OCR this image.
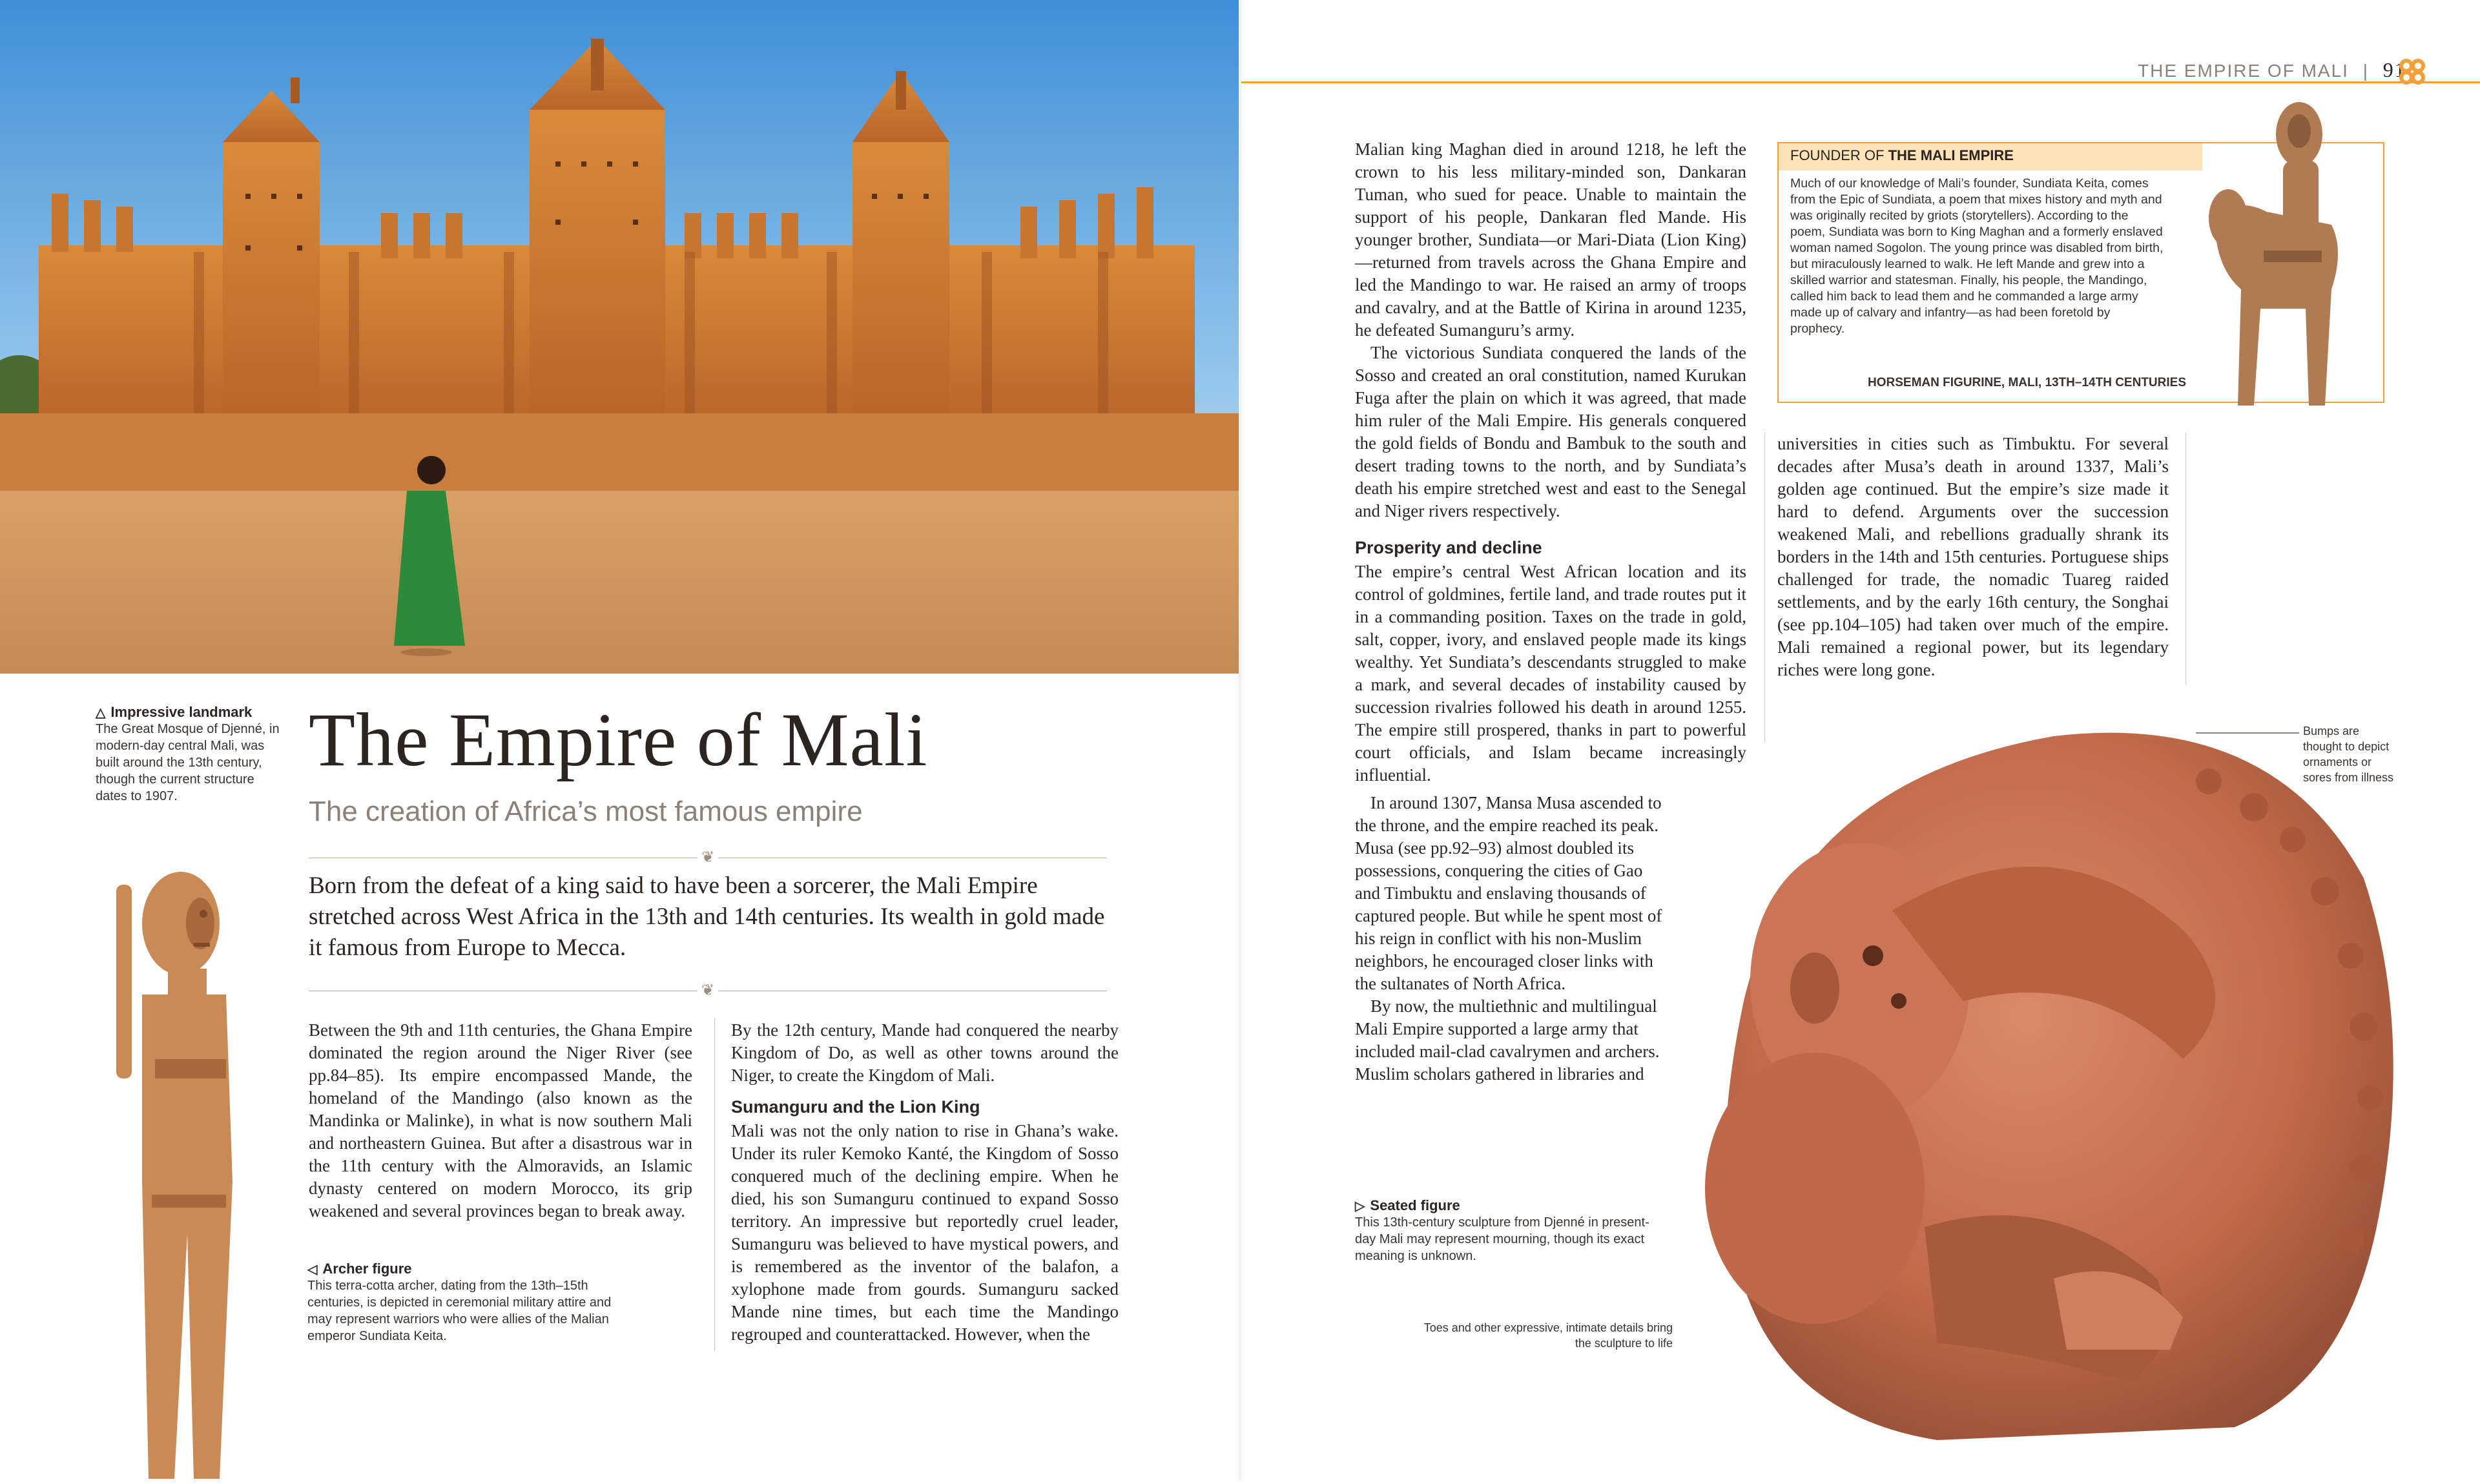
△ Impressive landmark
The Great Mosque of Djenné, in modern-day central Mali, was built around the 13th century, though the current structure dates to 1907.
The Empire of Mali
The creation of Africa’s most famous empire
❦
Born from the defeat of a king said to have been a sorcerer, the Mali Empire stretched across West Africa in the 13th and 14th centuries. Its wealth in gold made it famous from Europe to Mecca.
❦
◁ Archer figure
This terra-cotta archer, dating from the 13th–15th centuries, is depicted in ceremonial military attire and may represent warriors who were allies of the Malian emperor Sundiata Keita.

Between the 9th and 11th centuries, the Ghana Empire dominated the region around the Niger River (see pp.84–85). Its empire encompassed Mande, the homeland of the Mandingo (also known as the Mandinka or Malinke), in what is now southern Mali and northeastern Guinea. But after a disastrous war in the 11th century with the Almoravids, an Islamic dynasty centered on modern Morocco, its grip weakened and several provinces began to break away.

By the 12th century, Mande had conquered the nearby Kingdom of Do, as well as other towns around the Niger, to create the Kingdom of Mali.

Sumanguru and the Lion King

Mali was not the only nation to rise in Ghana’s wake. Under its ruler Kemoko Kanté, the Kingdom of Sosso conquered much of the declining empire. When he died, his son Sumanguru continued to expand Sosso territory. An impressive but reportedly cruel leader, Sumanguru was believed to have mystical powers, and is remembered as the inventor of the balafon, a xylophone made from gourds. Sumanguru sacked Mande nine times, but each time the Mandingo regrouped and counterattacked. However, when the

THE EMPIRE OF MALI | 91

Malian king Maghan died in around 1218, he left the crown to his less military-minded son, Dankaran Tuman, who sued for peace. Unable to maintain the support of his people, Dankaran fled Mande. His younger brother, Sundiata—or Mari-Diata (Lion King)—returned from travels across the Ghana Empire and led the Mandingo to war. He raised an army of troops and cavalry, and at the Battle of Kirina in around 1235, he defeated Sumanguru’s army.

The victorious Sundiata conquered the lands of the Sosso and created an oral constitution, named Kurukan Fuga after the plain on which it was agreed, that made him ruler of the Mali Empire. His generals conquered the gold fields of Bondu and Bambuk to the south and desert trading towns to the north, and by Sundiata’s death his empire stretched west and east to the Senegal and Niger rivers respectively.

Prosperity and decline

The empire’s central West African location and its control of goldmines, fertile land, and trade routes put it in a commanding position. Taxes on the trade in gold, salt, copper, ivory, and enslaved people made its kings wealthy. Yet Sundiata’s descendants struggled to make a mark, and several decades of instability caused by succession rivalries followed his death in around 1255. The empire still prospered, thanks in part to powerful court officials, and Islam became increasingly influential.

In around 1307, Mansa Musa ascended to the throne, and the empire reached its peak. Musa (see pp.92–93) almost doubled its possessions, conquering the cities of Gao and Timbuktu and enslaving thousands of captured people. But while he spent most of his reign in conflict with his non-Muslim neighbors, he encouraged closer links with the sultanates of North Africa.

By now, the multiethnic and multilingual Mali Empire supported a large army that included mail-clad cavalrymen and archers. Muslim scholars gathered in libraries and

universities in cities such as Timbuktu. For several decades after Musa’s death in around 1337, Mali’s golden age continued. But the empire’s size made it hard to defend. Arguments over the succession weakened Mali, and rebellions gradually shrank its borders in the 14th and 15th centuries. Portuguese ships challenged for trade, the nomadic Tuareg raided settlements, and by the early 16th century, the Songhai (see pp.104–105) had taken over much of the empire. Mali remained a regional power, but its legendary riches were long gone.

FOUNDER OF THE MALI EMPIRE
Much of our knowledge of Mali’s founder, Sundiata Keita, comes from the Epic of Sundiata, a poem that mixes history and myth and was originally recited by griots (storytellers). According to the poem, Sundiata was born to King Maghan and a formerly enslaved woman named Sogolon. The young prince was disabled from birth, but miraculously learned to walk. He left Mande and grew into a skilled warrior and statesman. Finally, his people, the Mandingo, called him back to lead them and he commanded a large army made up of calvary and infantry—as had been foretold by prophecy.
HORSEMAN FIGURINE, MALI, 13TH–14TH CENTURIES
Bumps are thought to depict ornaments or sores from illness
▷ Seated figure
This 13th-century sculpture from Djenné in present-day Mali may represent mourning, though its exact meaning is unknown.
Toes and other expressive, intimate details bring the sculpture to life
